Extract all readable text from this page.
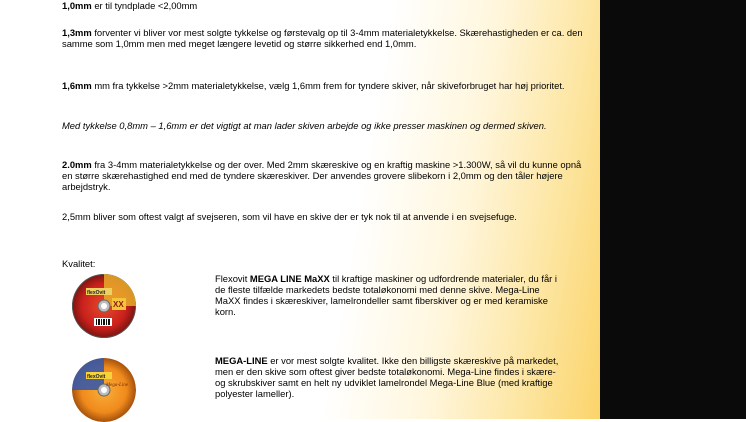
1,0mm er til tyndplade <2,00mm

1,3mm forventer vi bliver vor mest solgte tykkelse og førstevalg op til 3-4mm materialetykkelse. Skærehastigheden er ca. den samme som 1,0mm men med meget længere levetid og større sikkerhed end 1,0mm.

1,6mm mm fra tykkelse >2mm materialetykkelse, vælg 1,6mm frem for tyndere skiver, når skiveforbruget har høj prioritet.

Med tykkelse 0,8mm – 1,6mm er det vigtigt at man lader skiven arbejde og ikke presser maskinen og dermed skiven.

2.0mm fra 3-4mm materialetykkelse og der over. Med 2mm skæreskive og en kraftig maskine >1.300W, så vil du kunne opnå en større skærehastighed end med de tyndere skæreskiver. Der anvendes grovere slibekorn i 2,0mm og den tåler højere arbejdstryk.

2,5mm bliver som oftest valgt af svejseren, som vil have en skive der er tyk nok til at anvende i en svejsefuge.

Kvalitet:

flexOvit
XX

Flexovit MEGA LINE MaXX til kraftige maskiner og udfordrende materialer, du får i de fleste tilfælde markedets bedste totaløkonomi med denne skive. Mega-Line MaXX findes i skæreskiver, lamelrondeller samt fiberskiver og er med keramiske korn.

flexOvit
Mega-Line

MEGA-LINE er vor mest solgte kvalitet. Ikke den billigste skæreskive på markedet, men er den skive som oftest giver bedste totaløkonomi. Mega-Line findes i skære- og skrubskiver samt en helt ny udviklet lamelrondel Mega-Line Blue (med kraftige polyester lameller).
